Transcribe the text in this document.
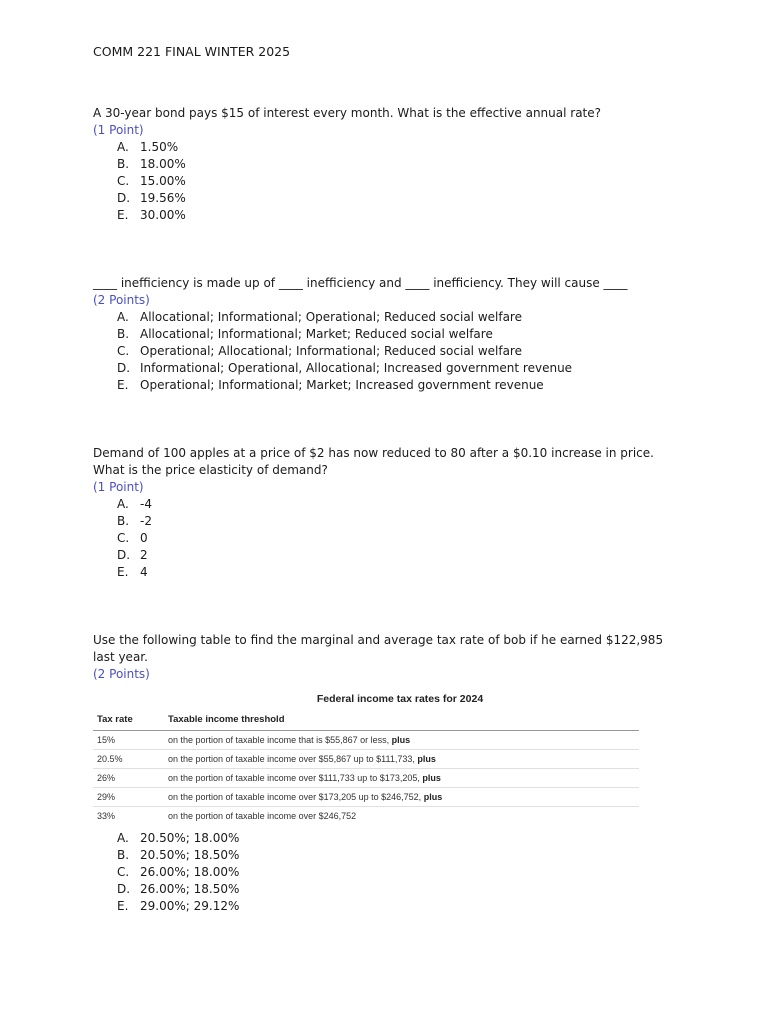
COMM 221 FINAL WINTER 2025
A 30-year bond pays $15 of interest every month. What is the effective annual rate?
(1 Point)
A. 1.50%
B. 18.00%
C. 15.00%
D. 19.56%
E. 30.00%
____ inefficiency is made up of ____ inefficiency and ____ inefficiency. They will cause ____
(2 Points)
A. Allocational; Informational; Operational; Reduced social welfare
B. Allocational; Informational; Market; Reduced social welfare
C. Operational; Allocational; Informational; Reduced social welfare
D. Informational; Operational, Allocational; Increased government revenue
E. Operational; Informational; Market; Increased government revenue
Demand of 100 apples at a price of $2 has now reduced to 80 after a $0.10 increase in price. What is the price elasticity of demand?
(1 Point)
A. -4
B. -2
C. 0
D. 2
E. 4
Use the following table to find the marginal and average tax rate of bob if he earned $122,985 last year.
(2 Points)
Federal income tax rates for 2024
Tax rate	Taxable income threshold
15%	on the portion of taxable income that is $55,867 or less, plus
20.5%	on the portion of taxable income over $55,867 up to $111,733, plus
26%	on the portion of taxable income over $111,733 up to $173,205, plus
29%	on the portion of taxable income over $173,205 up to $246,752, plus
33%	on the portion of taxable income over $246,752
A. 20.50%; 18.00%
B. 20.50%; 18.50%
C. 26.00%; 18.00%
D. 26.00%; 18.50%
E. 29.00%; 29.12%
